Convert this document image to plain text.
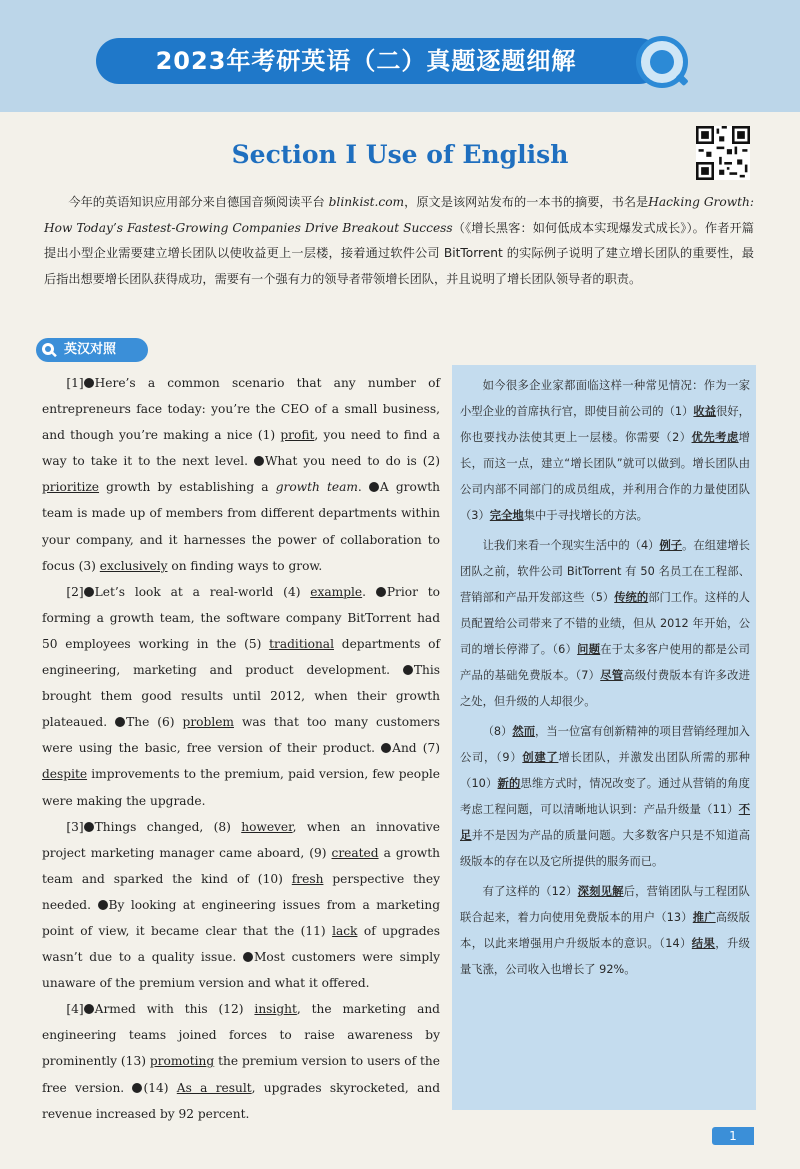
2023年考研英语（二）真题逐题细解
Section Ⅰ Use of English
今年的英语知识应用部分来自德国音频阅读平台 blinkist.com，原文是该网站发布的一本书的摘要，书名是Hacking Growth: How Today’s Fastest-Growing Companies Drive Breakout Success（《增长黑客：如何低成本实现爆发式成长》）。作者开篇提出小型企业需要建立增长团队以使收益更上一层楼，接着通过软件公司 BitTorrent 的实际例子说明了建立增长团队的重要性，最后指出想要增长团队获得成功，需要有一个强有力的领导者带领增长团队，并且说明了增长团队领导者的职责。
英汉对照

[1] Here’s a common scenario that any number of entrepreneurs face today: you’re the CEO of a small business, and though you’re making a nice (1) profit, you need to find a way to take it to the next level. What you need to do is (2) prioritize growth by establishing a growth team. A growth team is made up of members from different departments within your company, and it harnesses the power of collaboration to focus (3) exclusively on finding ways to grow.

[2] Let’s look at a real-world (4) example. Prior to forming a growth team, the software company BitTorrent had 50 employees working in the (5) traditional departments of engineering, marketing and product development. This brought them good results until 2012, when their growth plateaued. The (6) problem was that too many customers were using the basic, free version of their product. And (7) despite improvements to the premium, paid version, few people were making the upgrade.

[3] Things changed, (8) however, when an innovative project marketing manager came aboard, (9) created a growth team and sparked the kind of (10) fresh perspective they needed. By looking at engineering issues from a marketing point of view, it became clear that the (11) lack of upgrades wasn’t due to a quality issue. Most customers were simply unaware of the premium version and what it offered.

[4] Armed with this (12) insight, the marketing and engineering teams joined forces to raise awareness by prominently (13) promoting the premium version to users of the free version. (14) As a result, upgrades skyrocketed, and revenue increased by 92 percent.

如今很多企业家都面临这样一种常见情况：作为一家小型企业的首席执行官，即使目前公司的（1）收益很好，你也要找办法使其更上一层楼。你需要（2）优先考虑增长，而这一点，建立“增长团队”就可以做到。增长团队由公司内部不同部门的成员组成，并利用合作的力量使团队（3）完全地集中于寻找增长的方法。

让我们来看一个现实生活中的（4）例子。在组建增长团队之前，软件公司 BitTorrent 有 50 名员工在工程部、营销部和产品开发部这些（5）传统的部门工作。这样的人员配置给公司带来了不错的业绩，但从 2012 年开始，公司的增长停滞了。（6）问题在于太多客户使用的都是公司产品的基础免费版本。（7）尽管高级付费版本有许多改进之处，但升级的人却很少。

（8）然而，当一位富有创新精神的项目营销经理加入公司，（9）创建了增长团队，并激发出团队所需的那种（10）新的思维方式时，情况改变了。通过从营销的角度考虑工程问题，可以清晰地认识到：产品升级量（11）不足并不是因为产品的质量问题。大多数客户只是不知道高级版本的存在以及它所提供的服务而已。

有了这样的（12）深刻见解后，营销团队与工程团队联合起来，着力向使用免费版本的用户（13）推广高级版本，以此来增强用户升级版本的意识。（14）结果，升级量飞涨，公司收入也增长了 92%。

1
